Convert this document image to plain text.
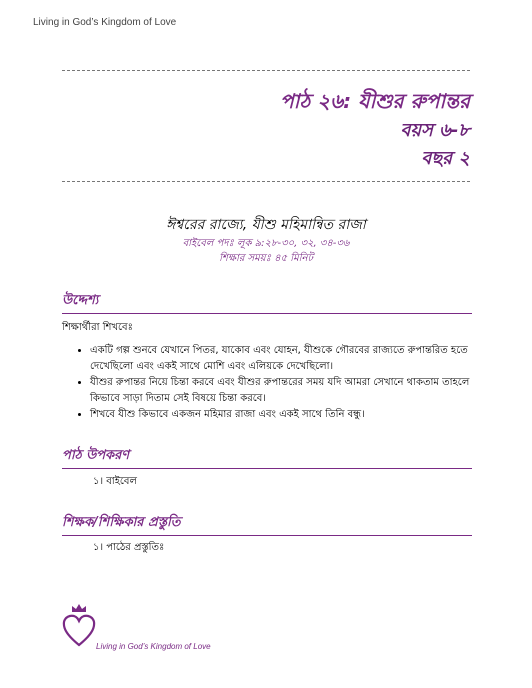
Living in God’s Kingdom of Love
পাঠ ২৬: যীশুর রুপান্তর
বয়স ৬-৮
বছর ২
ঈশ্বরের রাজ্যে, যীশু মহিমান্বিত রাজা
বাইবেল পদঃ লূক ৯:২৮-৩০, ৩২, ৩৪-৩৬
শিক্ষার সময়ঃ ৪৫ মিনিট
উদ্দেশ্য
শিক্ষার্থীরা শিখবেঃ
• একটি গল্প শুনবে যেখানে পিতর, যাকোব এবং যোহন, যীশুকে গৌরবের রাজ্যতে রুপান্তরিত হতে দেখেছিলো এবং একই সাথে মোশি এবং এলিয়কে দেখেছিলো।
• যীশুর রুপান্তর নিয়ে চিন্তা করবে এবং যীশুর রুপান্তরের সময় যদি আমরা সেখানে থাকতাম তাহলে কিভাবে সাড়া দিতাম সেই বিষয়ে চিন্তা করবে।
• শিখবে যীশু কিভাবে একজন মহিমার রাজা এবং একই সাথে তিনি বন্ধু।
পাঠ উপকরণ
১। বাইবেল
শিক্ষক/শিক্ষিকার প্রস্তুতি
১। পাঠের প্রস্তুতিঃ
Living in God’s Kingdom of Love
